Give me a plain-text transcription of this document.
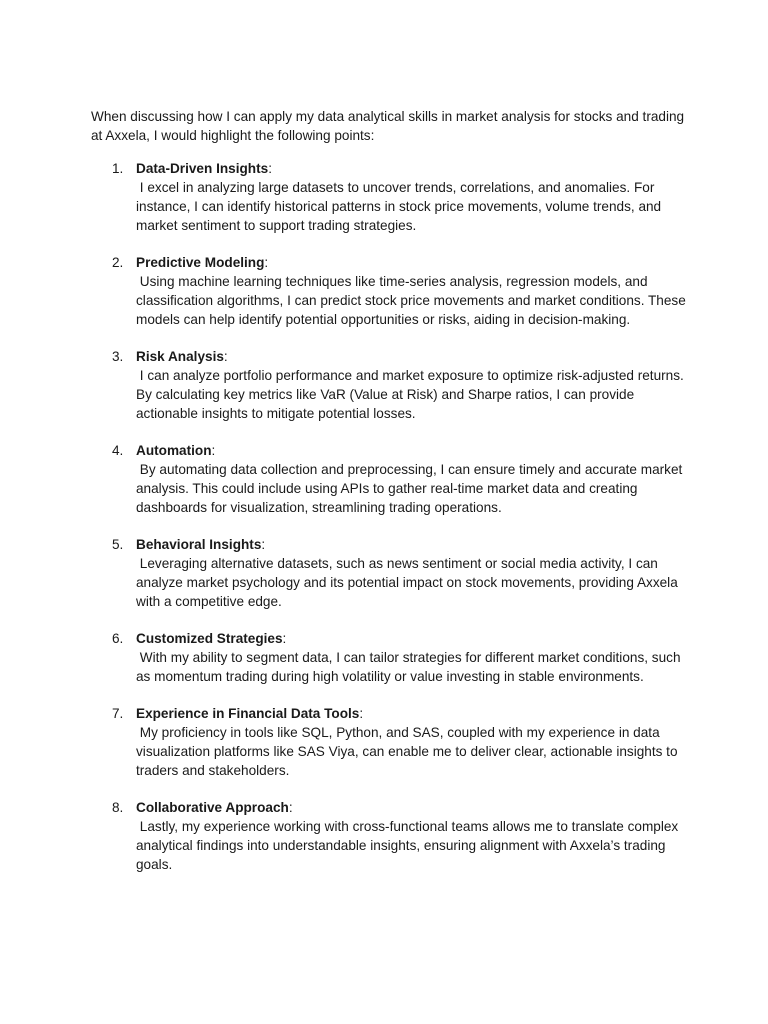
When discussing how I can apply my data analytical skills in market analysis for stocks and trading at Axxela, I would highlight the following points:

1. Data-Driven Insights:
I excel in analyzing large datasets to uncover trends, correlations, and anomalies. For instance, I can identify historical patterns in stock price movements, volume trends, and market sentiment to support trading strategies.
2. Predictive Modeling:
Using machine learning techniques like time-series analysis, regression models, and classification algorithms, I can predict stock price movements and market conditions. These models can help identify potential opportunities or risks, aiding in decision-making.
3. Risk Analysis:
I can analyze portfolio performance and market exposure to optimize risk-adjusted returns. By calculating key metrics like VaR (Value at Risk) and Sharpe ratios, I can provide actionable insights to mitigate potential losses.
4. Automation:
By automating data collection and preprocessing, I can ensure timely and accurate market analysis. This could include using APIs to gather real-time market data and creating dashboards for visualization, streamlining trading operations.
5. Behavioral Insights:
Leveraging alternative datasets, such as news sentiment or social media activity, I can analyze market psychology and its potential impact on stock movements, providing Axxela with a competitive edge.
6. Customized Strategies:
With my ability to segment data, I can tailor strategies for different market conditions, such as momentum trading during high volatility or value investing in stable environments.
7. Experience in Financial Data Tools:
My proficiency in tools like SQL, Python, and SAS, coupled with my experience in data visualization platforms like SAS Viya, can enable me to deliver clear, actionable insights to traders and stakeholders.
8. Collaborative Approach:
Lastly, my experience working with cross-functional teams allows me to translate complex analytical findings into understandable insights, ensuring alignment with Axxela’s trading goals.
